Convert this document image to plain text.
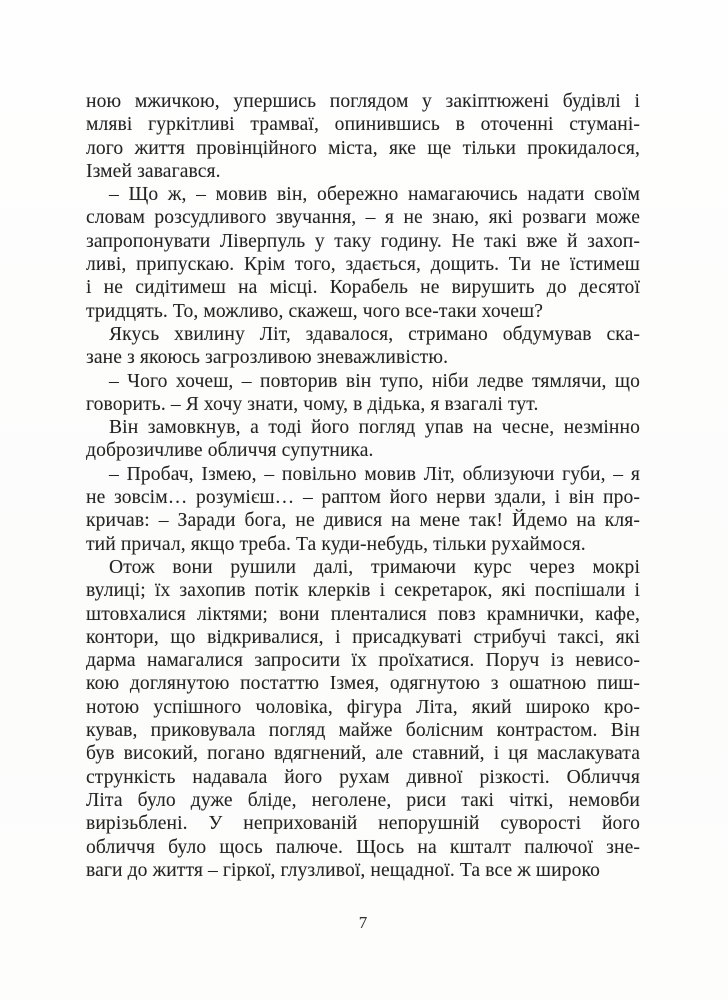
ною мжичкою, упершись поглядом у закіптюжені будівлі і
мляві гуркітливі трамваї, опинившись в оточенні стумані-
лого життя провінційного міста, яке ще тільки прокидалося,
Ізмей завагався.
– Що ж, – мовив він, обережно намагаючись надати своїм
словам розсудливого звучання, – я не знаю, які розваги може
запропонувати Ліверпуль у таку годину. Не такі вже й захоп-
ливі, припускаю. Крім того, здається, дощить. Ти не їстимеш
і не сидітимеш на місці. Корабель не вирушить до десятої
тридцять. То, можливо, скажеш, чого все-таки хочеш?
Якусь хвилину Літ, здавалося, стримано обдумував ска-
зане з якоюсь загрозливою зневажливістю.
– Чого хочеш, – повторив він тупо, ніби ледве тямлячи, що
говорить. – Я хочу знати, чому, в дідька, я взагалі тут.
Він замовкнув, а тоді його погляд упав на чесне, незмінно
доброзичливе обличчя супутника.
– Пробач, Ізмею, – повільно мовив Літ, облизуючи губи, – я
не зовсім… розумієш… – раптом його нерви здали, і він про-
кричав: – Заради бога, не дивися на мене так! Йдемо на кля-
тий причал, якщо треба. Та куди-небудь, тільки рухаймося.
Отож вони рушили далі, тримаючи курс через мокрі
вулиці; їх захопив потік клерків і секретарок, які поспішали і
штовхалися ліктями; вони пленталися повз крамнички, кафе,
контори, що відкривалися, і присадкуваті стрибучі таксі, які
дарма намагалися запросити їх проїхатися. Поруч із невисо-
кою доглянутою постаттю Ізмея, одягнутою з ошатною пиш-
нотою успішного чоловіка, фігура Літа, який широко кро-
кував, приковувала погляд майже болісним контрастом. Він
був високий, погано вдягнений, але ставний, і ця маслакувата
стрункість надавала його рухам дивної різкості. Обличчя
Літа було дуже бліде, неголене, риси такі чіткі, немовби
вирізьблені. У неприхованій непорушній суворості його
обличчя було щось палюче. Щось на кшталт палючої зне-
ваги до життя – гіркої, глузливої, нещадної. Та все ж широко
7
